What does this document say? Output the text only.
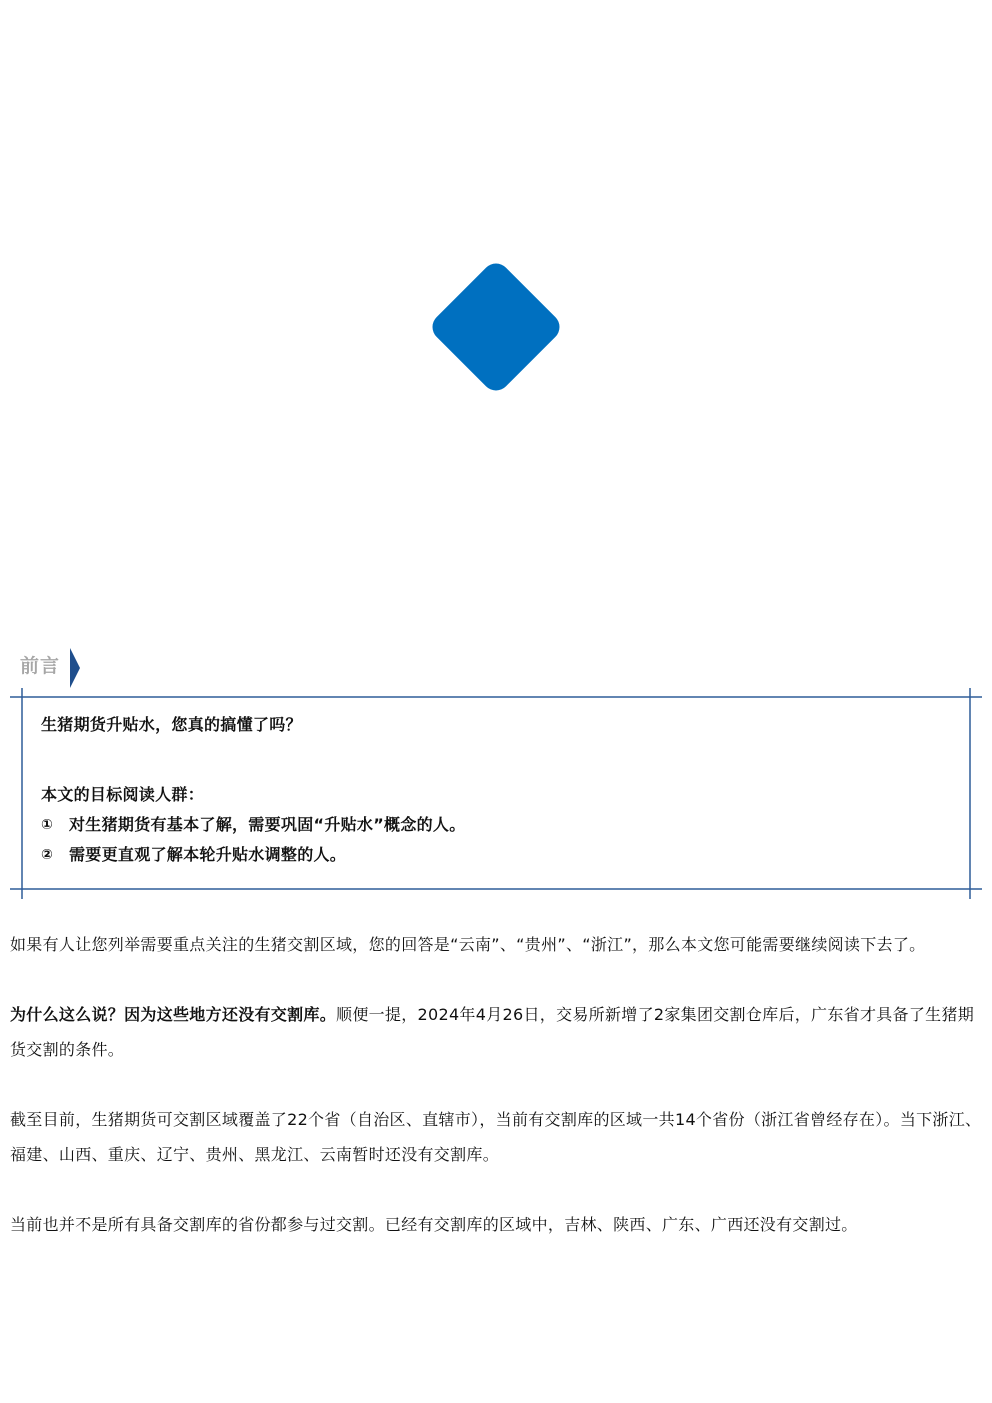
前言
生猪期货升贴水，您真的搞懂了吗？
本文的目标阅读人群：
① 对生猪期货有基本了解，需要巩固“升贴水”概念的人。
② 需要更直观了解本轮升贴水调整的人。

如果有人让您列举需要重点关注的生猪交割区域，您的回答是“云南”、“贵州”、“浙江”，那么本文您可能需要继续阅读下去了。

为什么这么说？因为这些地方还没有交割库。顺便一提，2024年4月26日，交易所新增了2家集团交割仓库后，广东省才具备了生猪期货交割的条件。

截至目前，生猪期货可交割区域覆盖了22个省（自治区、直辖市），当前有交割库的区域一共14个省份（浙江省曾经存在）。当下浙江、福建、山西、重庆、辽宁、贵州、黑龙江、云南暂时还没有交割库。

当前也并不是所有具备交割库的省份都参与过交割。已经有交割库的区域中，吉林、陕西、广东、广西还没有交割过。
